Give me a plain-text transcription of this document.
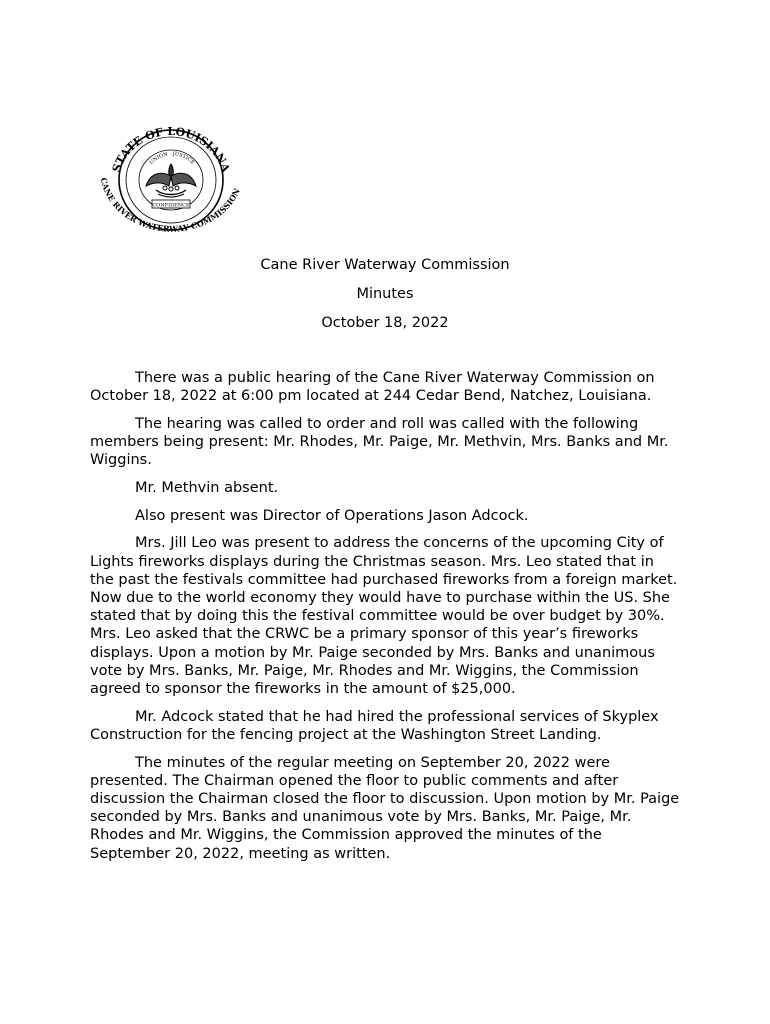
STATE OF LOUISIANA
CANE RIVER WATERWAY COMMISSION
UNION · JUSTICE
CONFIDENCE
Cane River Waterway Commission
Minutes
October 18, 2022

There was a public hearing of the Cane River Waterway Commission on October 18, 2022 at 6:00 pm located at 244 Cedar Bend, Natchez, Louisiana.

The hearing was called to order and roll was called with the following members being present: Mr. Rhodes, Mr. Paige, Mr. Methvin, Mrs. Banks and Mr. Wiggins.

Mr. Methvin absent.

Also present was Director of Operations Jason Adcock.

Mrs. Jill Leo was present to address the concerns of the upcoming City of Lights fireworks displays during the Christmas season. Mrs. Leo stated that in the past the festivals committee had purchased fireworks from a foreign market. Now due to the world economy they would have to purchase within the US. She stated that by doing this the festival committee would be over budget by 30%. Mrs. Leo asked that the CRWC be a primary sponsor of this year’s fireworks displays. Upon a motion by Mr. Paige seconded by Mrs. Banks and unanimous vote by Mrs. Banks, Mr. Paige, Mr. Rhodes and Mr. Wiggins, the Commission agreed to sponsor the fireworks in the amount of $25,000.

Mr. Adcock stated that he had hired the professional services of Skyplex Construction for the fencing project at the Washington Street Landing.

The minutes of the regular meeting on September 20, 2022 were presented. The Chairman opened the floor to public comments and after discussion the Chairman closed the floor to discussion. Upon motion by Mr. Paige seconded by Mrs. Banks and unanimous vote by Mrs. Banks, Mr. Paige, Mr. Rhodes and Mr. Wiggins, the Commission approved the minutes of the September 20, 2022, meeting as written.
